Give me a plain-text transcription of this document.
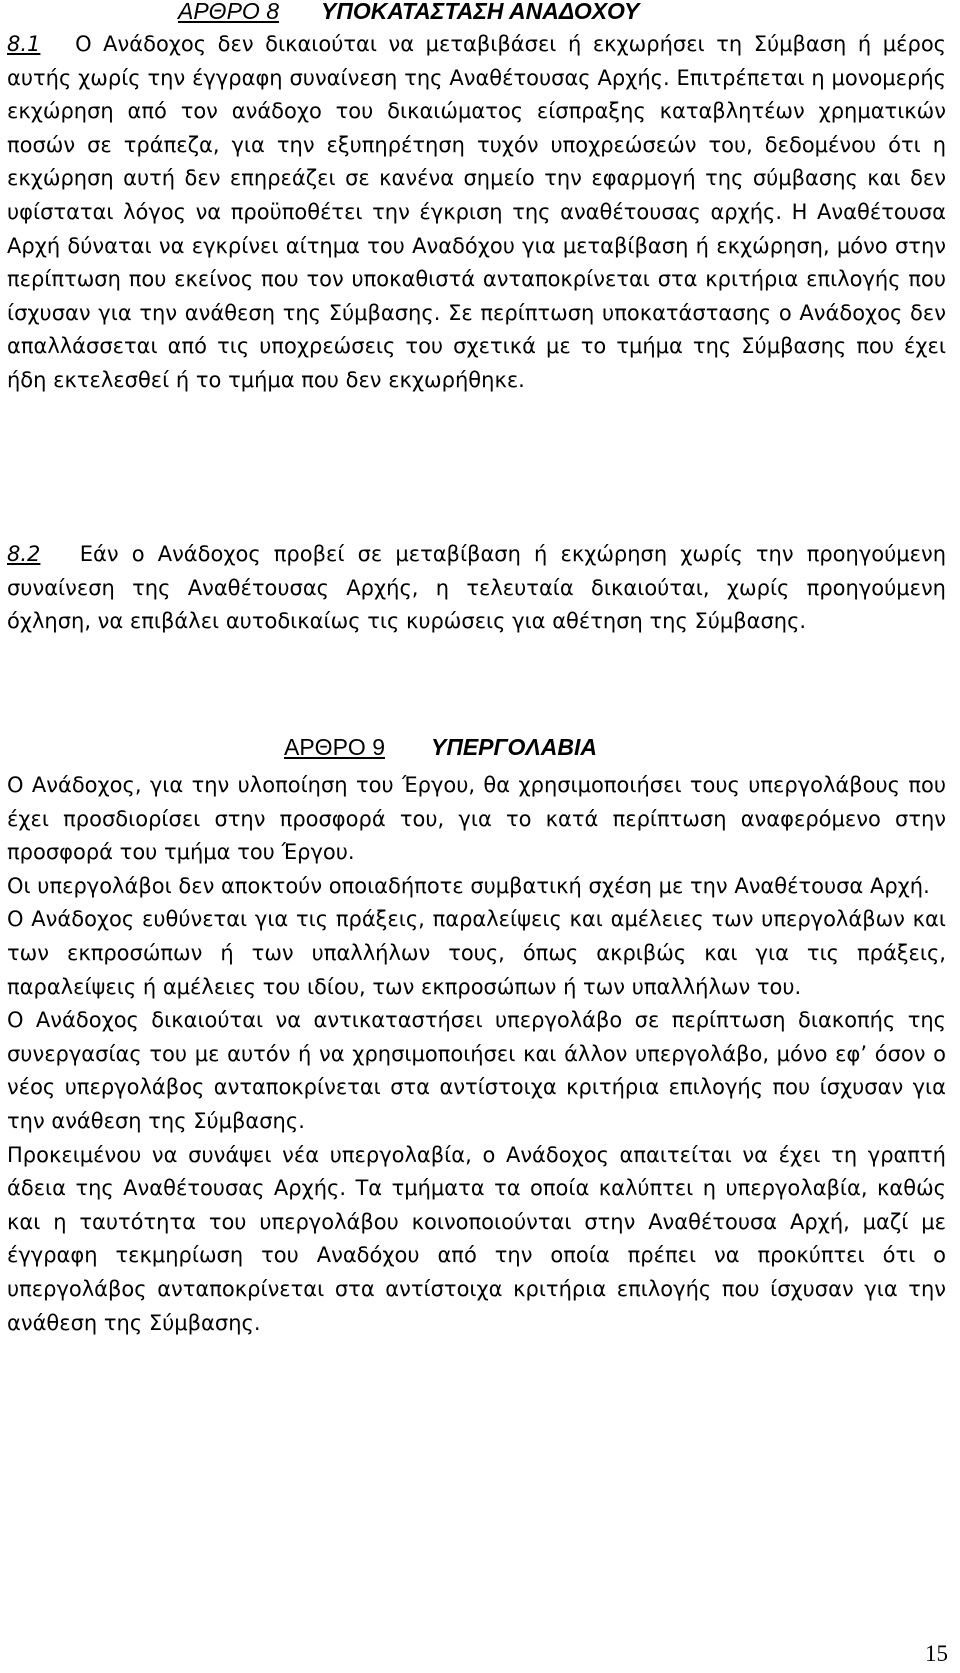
ΑΡΘΡΟ 8 ΥΠΟΚΑΤΑΣΤΑΣΗ ΑΝΑΔΟΧΟΥ

8.1 Ο Ανάδοχος δεν δικαιούται να μεταβιβάσει ή εκχωρήσει τη Σύμβαση ή μέρος αυτής χωρίς την έγγραφη συναίνεση της Αναθέτουσας Αρχής. Επιτρέπεται η μονομερής εκχώρηση από τον ανάδοχο του δικαιώματος είσπραξης καταβλητέων χρηματικών ποσών σε τράπεζα, για την εξυπηρέτηση τυχόν υποχρεώσεών του, δεδομένου ότι η εκχώρηση αυτή δεν επηρεάζει σε κανένα σημείο την εφαρμογή της σύμβασης και δεν υφίσταται λόγος να προϋποθέτει την έγκριση της αναθέτουσας αρχής. Η Αναθέτουσα Αρχή δύναται να εγκρίνει αίτημα του Αναδόχου για μεταβίβαση ή εκχώρηση, μόνο στην περίπτωση που εκείνος που τον υποκαθιστά ανταποκρίνεται στα κριτήρια επιλογής που ίσχυσαν για την ανάθεση της Σύμβασης. Σε περίπτωση υποκατάστασης ο Ανάδοχος δεν απαλλάσσεται από τις υποχρεώσεις του σχετικά με το τμήμα της Σύμβασης που έχει ήδη εκτελεσθεί ή το τμήμα που δεν εκχωρήθηκε.

8.2 Εάν ο Ανάδοχος προβεί σε μεταβίβαση ή εκχώρηση χωρίς την προηγούμενη συναίνεση της Αναθέτουσας Αρχής, η τελευταία δικαιούται, χωρίς προηγούμενη όχληση, να επιβάλει αυτοδικαίως τις κυρώσεις για αθέτηση της Σύμβασης.

ΑΡΘΡΟ 9 ΥΠΕΡΓΟΛΑΒΙΑ
Ο Ανάδοχος, για την υλοποίηση του Έργου, θα χρησιμοποιήσει τους υπεργολάβους που έχει προσδιορίσει στην προσφορά του, για το κατά περίπτωση αναφερόμενο στην προσφορά του τμήμα του Έργου.
Οι υπεργολάβοι δεν αποκτούν οποιαδήποτε συμβατική σχέση με την Αναθέτουσα Αρχή.
Ο Ανάδοχος ευθύνεται για τις πράξεις, παραλείψεις και αμέλειες των υπεργολάβων και των εκπροσώπων ή των υπαλλήλων τους, όπως ακριβώς και για τις πράξεις, παραλείψεις ή αμέλειες του ιδίου, των εκπροσώπων ή των υπαλλήλων του.
Ο Ανάδοχος δικαιούται να αντικαταστήσει υπεργολάβο σε περίπτωση διακοπής της συνεργασίας του με αυτόν ή να χρησιμοποιήσει και άλλον υπεργολάβο, μόνο εφ’ όσον ο νέος υπεργολάβος ανταποκρίνεται στα αντίστοιχα κριτήρια επιλογής που ίσχυσαν για την ανάθεση της Σύμβασης.
Προκειμένου να συνάψει νέα υπεργολαβία, ο Ανάδοχος απαιτείται να έχει τη γραπτή άδεια της Αναθέτουσας Αρχής. Τα τμήματα τα οποία καλύπτει η υπεργολαβία, καθώς και η ταυτότητα του υπεργολάβου κοινοποιούνται στην Αναθέτουσα Αρχή, μαζί με έγγραφη τεκμηρίωση του Αναδόχου από την οποία πρέπει να προκύπτει ότι ο υπεργολάβος ανταποκρίνεται στα αντίστοιχα κριτήρια επιλογής που ίσχυσαν για την ανάθεση της Σύμβασης.
15
